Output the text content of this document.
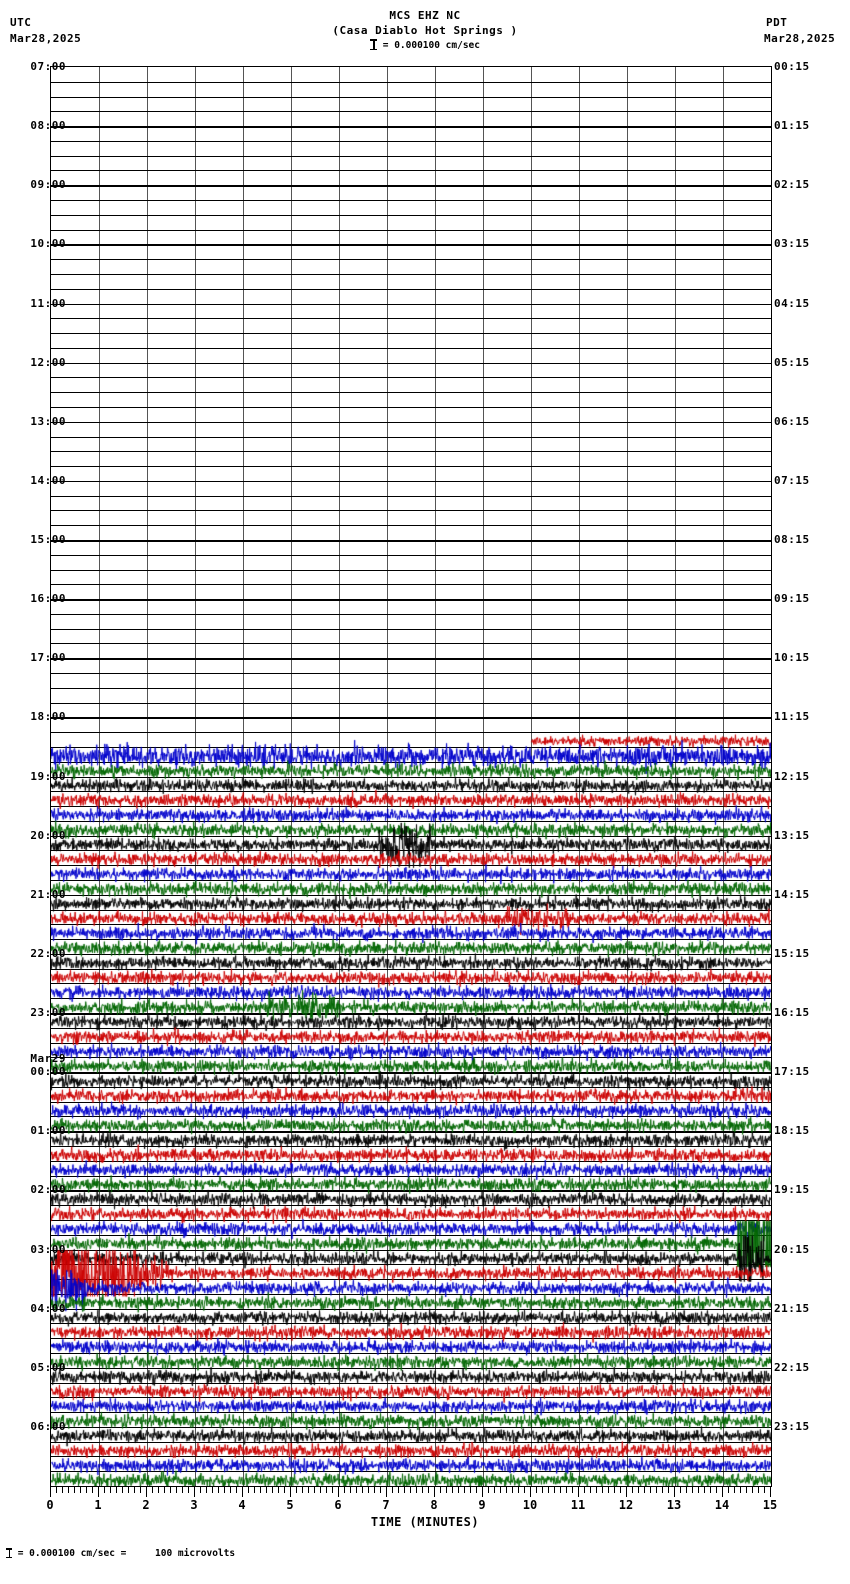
UTC
Mar28,2025
MCS EHZ NC
(Casa Diablo Hot Springs )
PDT
Mar28,2025
= 0.000100 cm/sec
07:00
08:00
09:00
10:00
11:00
12:00
13:00
14:00
15:00
16:00
17:00
18:00
19:00
20:00
21:00
22:00
23:00
00:00
Mar29
01:00
02:00
03:00
04:00
05:00
06:00
00:15
01:15
02:15
03:15
04:15
05:15
06:15
07:15
08:15
09:15
10:15
11:15
12:15
13:15
14:15
15:15
16:15
17:15
18:15
19:15
20:15
21:15
22:15
23:15
0	1	2	3	4	5	6	7	8	9	10	11	12	13	14	15
TIME (MINUTES)
= 0.000100 cm/sec =     100 microvolts
